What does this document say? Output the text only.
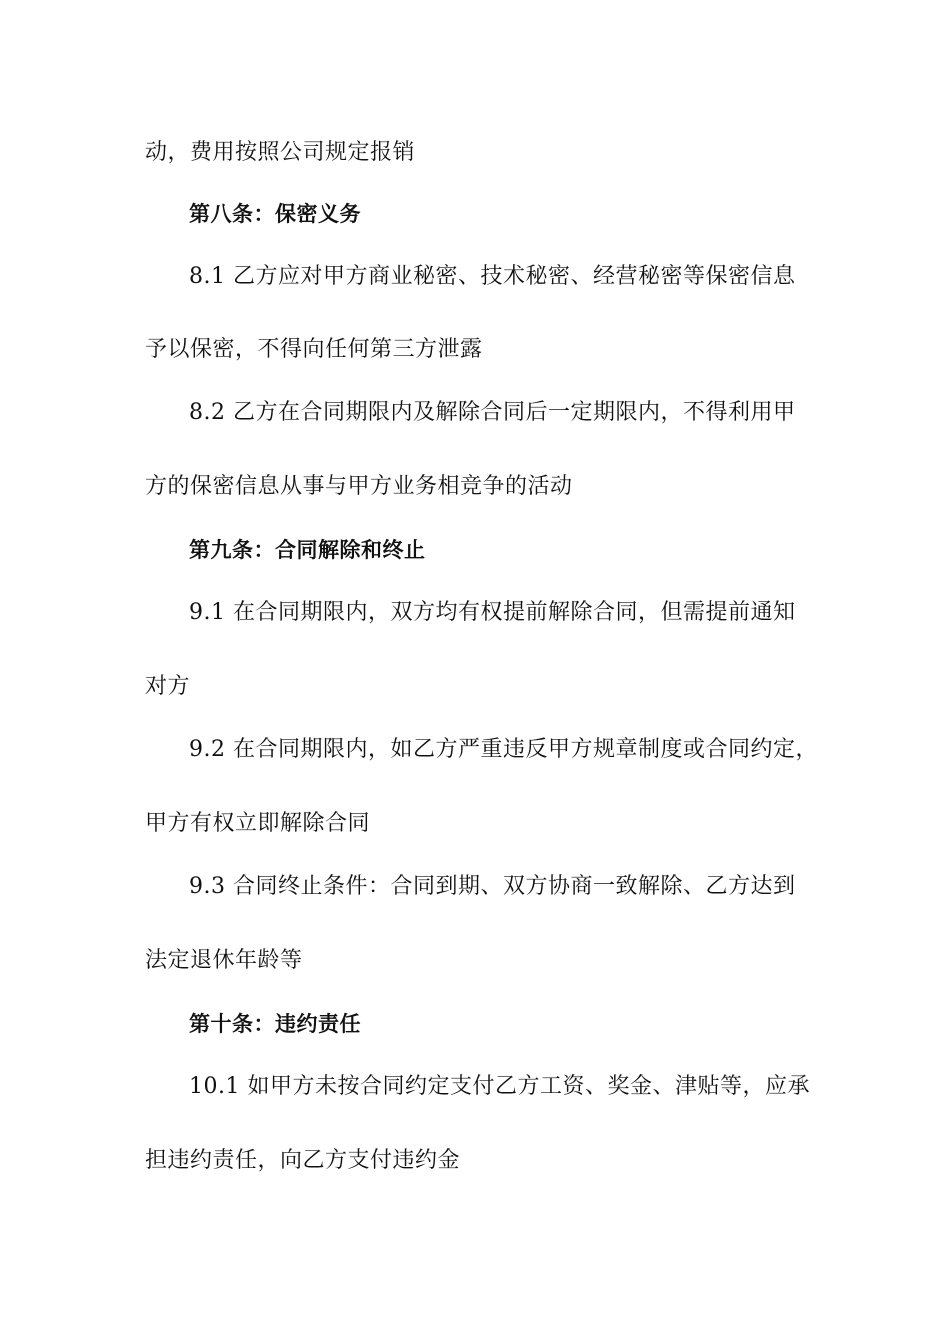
动，费用按照公司规定报销
第八条：保密义务
8.1 乙方应对甲方商业秘密、技术秘密、经营秘密等保密信息
予以保密，不得向任何第三方泄露
8.2 乙方在合同期限内及解除合同后一定期限内，不得利用甲
方的保密信息从事与甲方业务相竞争的活动
第九条：合同解除和终止
9.1 在合同期限内，双方均有权提前解除合同，但需提前通知
对方
9.2 在合同期限内，如乙方严重违反甲方规章制度或合同约定，
甲方有权立即解除合同
9.3 合同终止条件：合同到期、双方协商一致解除、乙方达到
法定退休年龄等
第十条：违约责任
10.1 如甲方未按合同约定支付乙方工资、奖金、津贴等，应承
担违约责任，向乙方支付违约金
